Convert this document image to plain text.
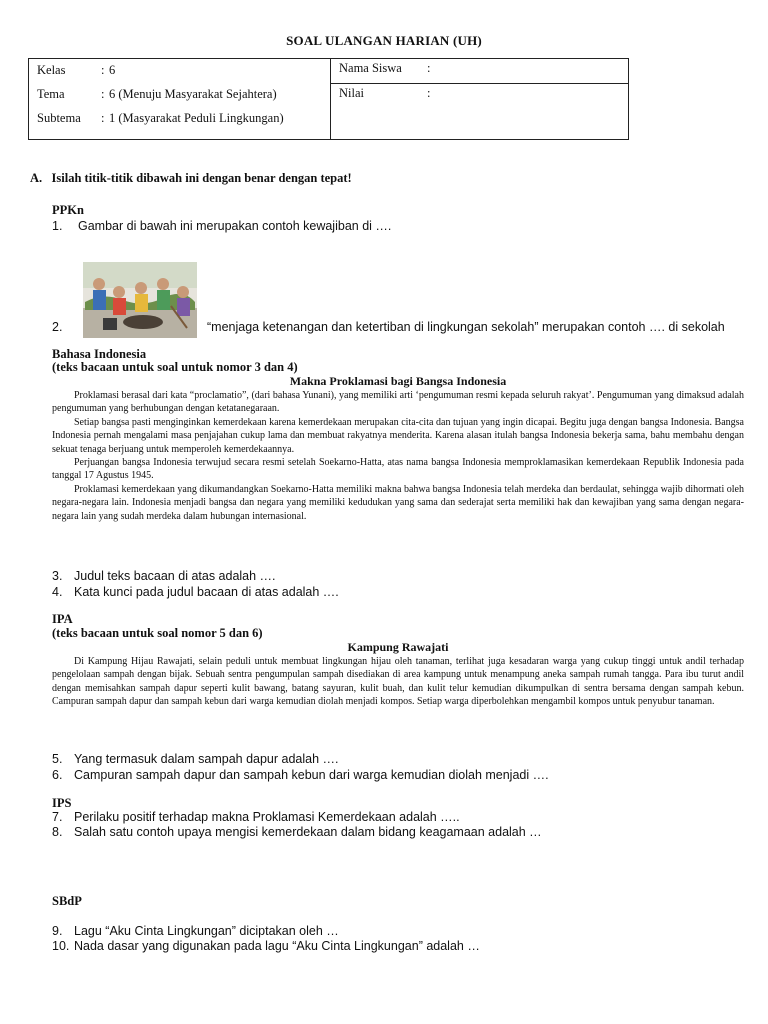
SOAL ULANGAN HARIAN (UH)
Kelas	: 6
Tema	: 6 (Menuju Masyarakat Sejahtera)
Subtema : 1 (Masyarakat Peduli Lingkungan)

Nama Siswa :
Nilai	:
A.   Isilah titik-titik dibawah ini dengan benar dengan tepat!
PPKn
1. Gambar di bawah ini merupakan contoh kewajiban di ….
2.	“menjaga ketenangan dan ketertiban di lingkungan sekolah” merupakan contoh …. di sekolah
Bahasa Indonesia
(teks bacaan untuk soal untuk nomor 3 dan 4)
Makna Proklamasi bagi Bangsa Indonesia

Proklamasi berasal dari kata “proclamatio”, (dari bahasa Yunani), yang memiliki arti ‘pengumuman resmi kepada seluruh rakyat’. Pengumuman yang dimaksud adalah pengumuman yang berhubungan dengan ketatanegaraan.

Setiap bangsa pasti menginginkan kemerdekaan karena kemerdekaan merupakan cita-cita dan tujuan yang ingin dicapai. Begitu juga dengan bangsa Indonesia. Bangsa Indonesia pernah mengalami masa penjajahan cukup lama dan membuat rakyatnya menderita. Karena alasan itulah bangsa Indonesia bekerja sama, bahu membahu dengan sekuat tenaga berjuang untuk memperoleh kemerdekaannya.

Perjuangan bangsa Indonesia terwujud secara resmi setelah Soekarno-Hatta, atas nama bangsa Indonesia memproklamasikan kemerdekaan Republik Indonesia pada tanggal 17 Agustus 1945.

Proklamasi kemerdekaan yang dikumandangkan Soekarno-Hatta memiliki makna bahwa bangsa Indonesia telah merdeka dan berdaulat, sehingga wajib dihormati oleh negara-negara lain. Indonesia menjadi bangsa dan negara yang memiliki kedudukan yang sama dan sederajat serta memiliki hak dan kewajiban yang sama dengan negara-negara lain yang sudah merdeka dalam hubungan internasional.

3. Judul teks bacaan di atas adalah ….
4. Kata kunci pada judul bacaan di atas adalah ….
IPA
(teks bacaan untuk soal nomor 5 dan 6)
Kampung Rawajati

Di Kampung Hijau Rawajati, selain peduli untuk membuat lingkungan hijau oleh tanaman, terlihat juga kesadaran warga yang cukup tinggi untuk andil terhadap pengelolaan sampah dengan bijak. Sebuah sentra pengumpulan sampah disediakan di area kampung untuk menampung aneka sampah rumah tangga. Para ibu turut andil dengan memisahkan sampah dapur seperti kulit bawang, batang sayuran, kulit buah, dan kulit telur kemudian dikumpulkan di sentra bersama dengan sampah kebun. Campuran sampah dapur dan sampah kebun dari warga kemudian diolah menjadi kompos. Setiap warga diperbolehkan mengambil kompos untuk penyubur tanaman.

5. Yang termasuk dalam sampah dapur adalah ….
6. Campuran sampah dapur dan sampah kebun dari warga kemudian diolah menjadi ….
IPS
7. Perilaku positif terhadap makna Proklamasi Kemerdekaan adalah …..
8. Salah satu contoh upaya mengisi kemerdekaan dalam bidang keagamaan adalah …
SBdP
9. Lagu “Aku Cinta Lingkungan” diciptakan oleh …
10. Nada dasar yang digunakan pada lagu “Aku Cinta Lingkungan” adalah …
